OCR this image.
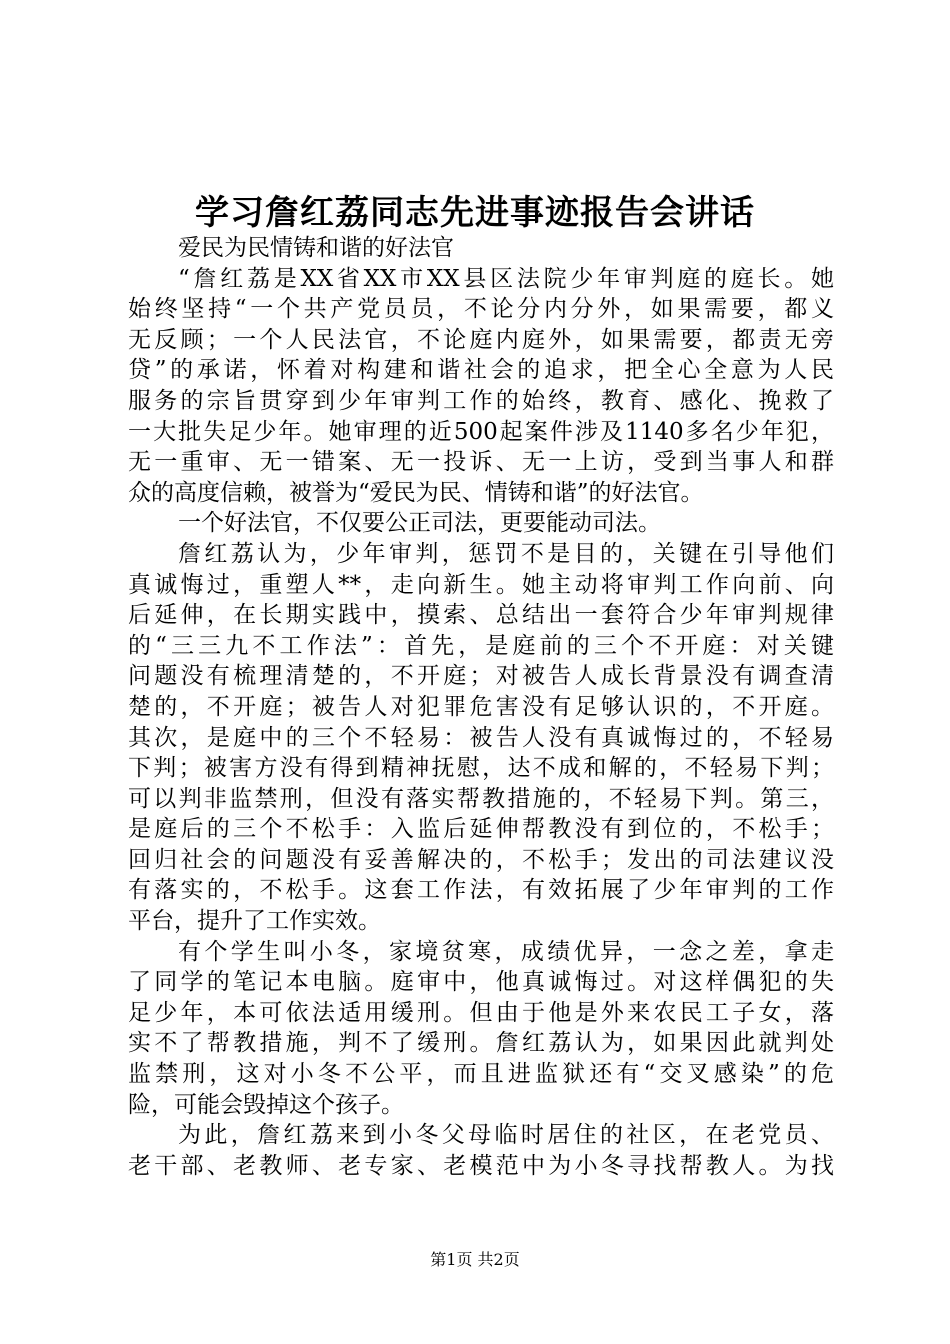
学习詹红荔同志先进事迹报告会讲话
爱民为民情铸和谐的好法官
“詹红荔是XX省XX市XX县区法院少年审判庭的庭长。她
始终坚持“一个共产党员员，不论分内分外，如果需要，都义
无反顾；一个人民法官，不论庭内庭外，如果需要，都责无旁
贷”的承诺，怀着对构建和谐社会的追求，把全心全意为人民
服务的宗旨贯穿到少年审判工作的始终，教育、感化、挽救了
一大批失足少年。她审理的近500起案件涉及1140多名少年犯，
无一重审、无一错案、无一投诉、无一上访，受到当事人和群
众的高度信赖，被誉为“爱民为民、情铸和谐”的好法官。
一个好法官，不仅要公正司法，更要能动司法。
詹红荔认为，少年审判，惩罚不是目的，关键在引导他们
真诚悔过，重塑人**，走向新生。她主动将审判工作向前、向
后延伸，在长期实践中，摸索、总结出一套符合少年审判规律
的“三三九不工作法”：首先，是庭前的三个不开庭：对关键
问题没有梳理清楚的，不开庭；对被告人成长背景没有调查清
楚的，不开庭；被告人对犯罪危害没有足够认识的，不开庭。
其次，是庭中的三个不轻易：被告人没有真诚悔过的，不轻易
下判；被害方没有得到精神抚慰，达不成和解的，不轻易下判；
可以判非监禁刑，但没有落实帮教措施的，不轻易下判。第三，
是庭后的三个不松手：入监后延伸帮教没有到位的，不松手；
回归社会的问题没有妥善解决的，不松手；发出的司法建议没
有落实的，不松手。这套工作法，有效拓展了少年审判的工作
平台，提升了工作实效。
有个学生叫小冬，家境贫寒，成绩优异，一念之差，拿走
了同学的笔记本电脑。庭审中，他真诚悔过。对这样偶犯的失
足少年，本可依法适用缓刑。但由于他是外来农民工子女，落
实不了帮教措施，判不了缓刑。詹红荔认为，如果因此就判处
监禁刑，这对小冬不公平，而且进监狱还有“交叉感染”的危
险，可能会毁掉这个孩子。
为此，詹红荔来到小冬父母临时居住的社区，在老党员、
老干部、老教师、老专家、老模范中为小冬寻找帮教人。为找
第1页 共2页
